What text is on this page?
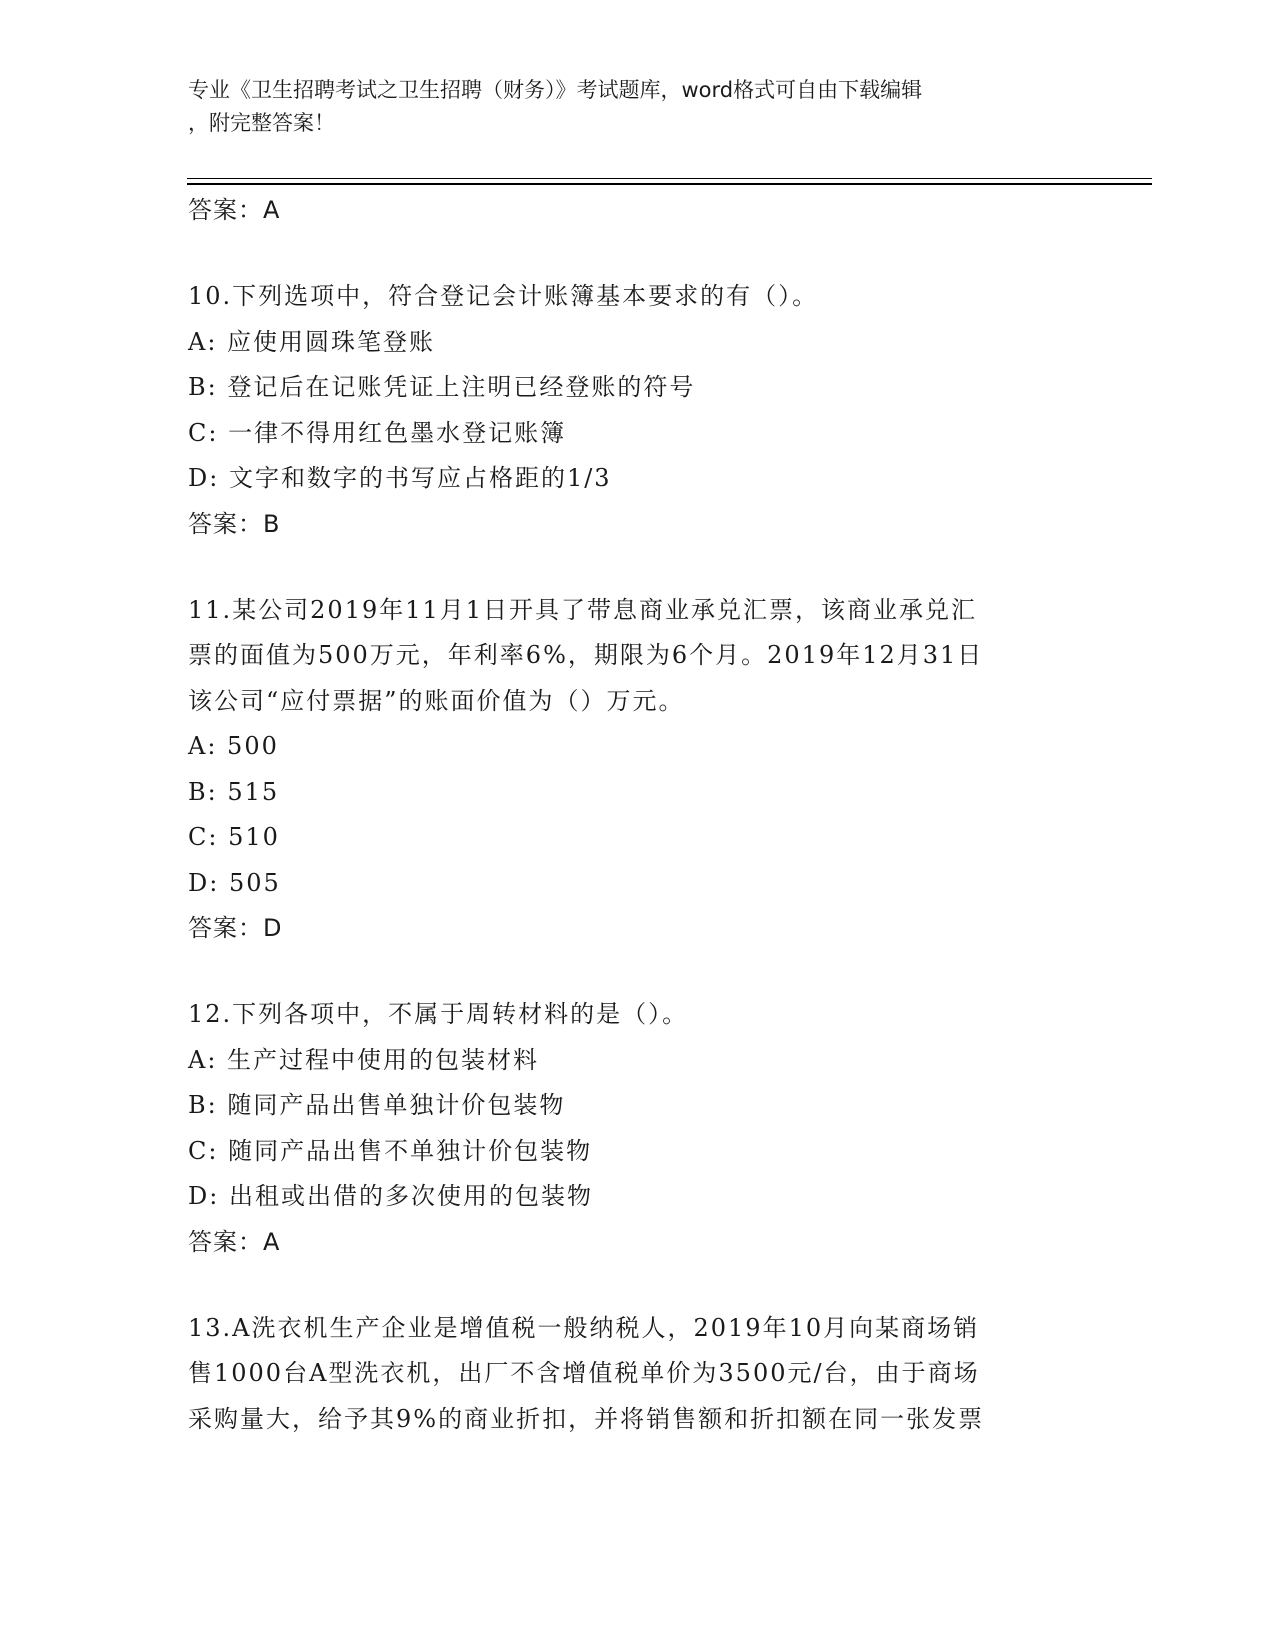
专业《卫生招聘考试之卫生招聘（财务）》考试题库，word格式可自由下载编辑
，附完整答案！
答案：A
10.下列选项中，符合登记会计账簿基本要求的有（）。
A: 应使用圆珠笔登账
B: 登记后在记账凭证上注明已经登账的符号
C: 一律不得用红色墨水登记账簿
D: 文字和数字的书写应占格距的1/3
答案：B
11.某公司2019年11月1日开具了带息商业承兑汇票，该商业承兑汇
票的面值为500万元，年利率6%，期限为6个月。2019年12月31日
该公司“应付票据”的账面价值为（）万元。
A: 500
B: 515
C: 510
D: 505
答案：D
12.下列各项中，不属于周转材料的是（）。
A: 生产过程中使用的包装材料
B: 随同产品出售单独计价包装物
C: 随同产品出售不单独计价包装物
D: 出租或出借的多次使用的包装物
答案：A
13.A洗衣机生产企业是增值税一般纳税人，2019年10月向某商场销
售1000台A型洗衣机，出厂不含增值税单价为3500元/台，由于商场
采购量大，给予其9%的商业折扣，并将销售额和折扣额在同一张发票
